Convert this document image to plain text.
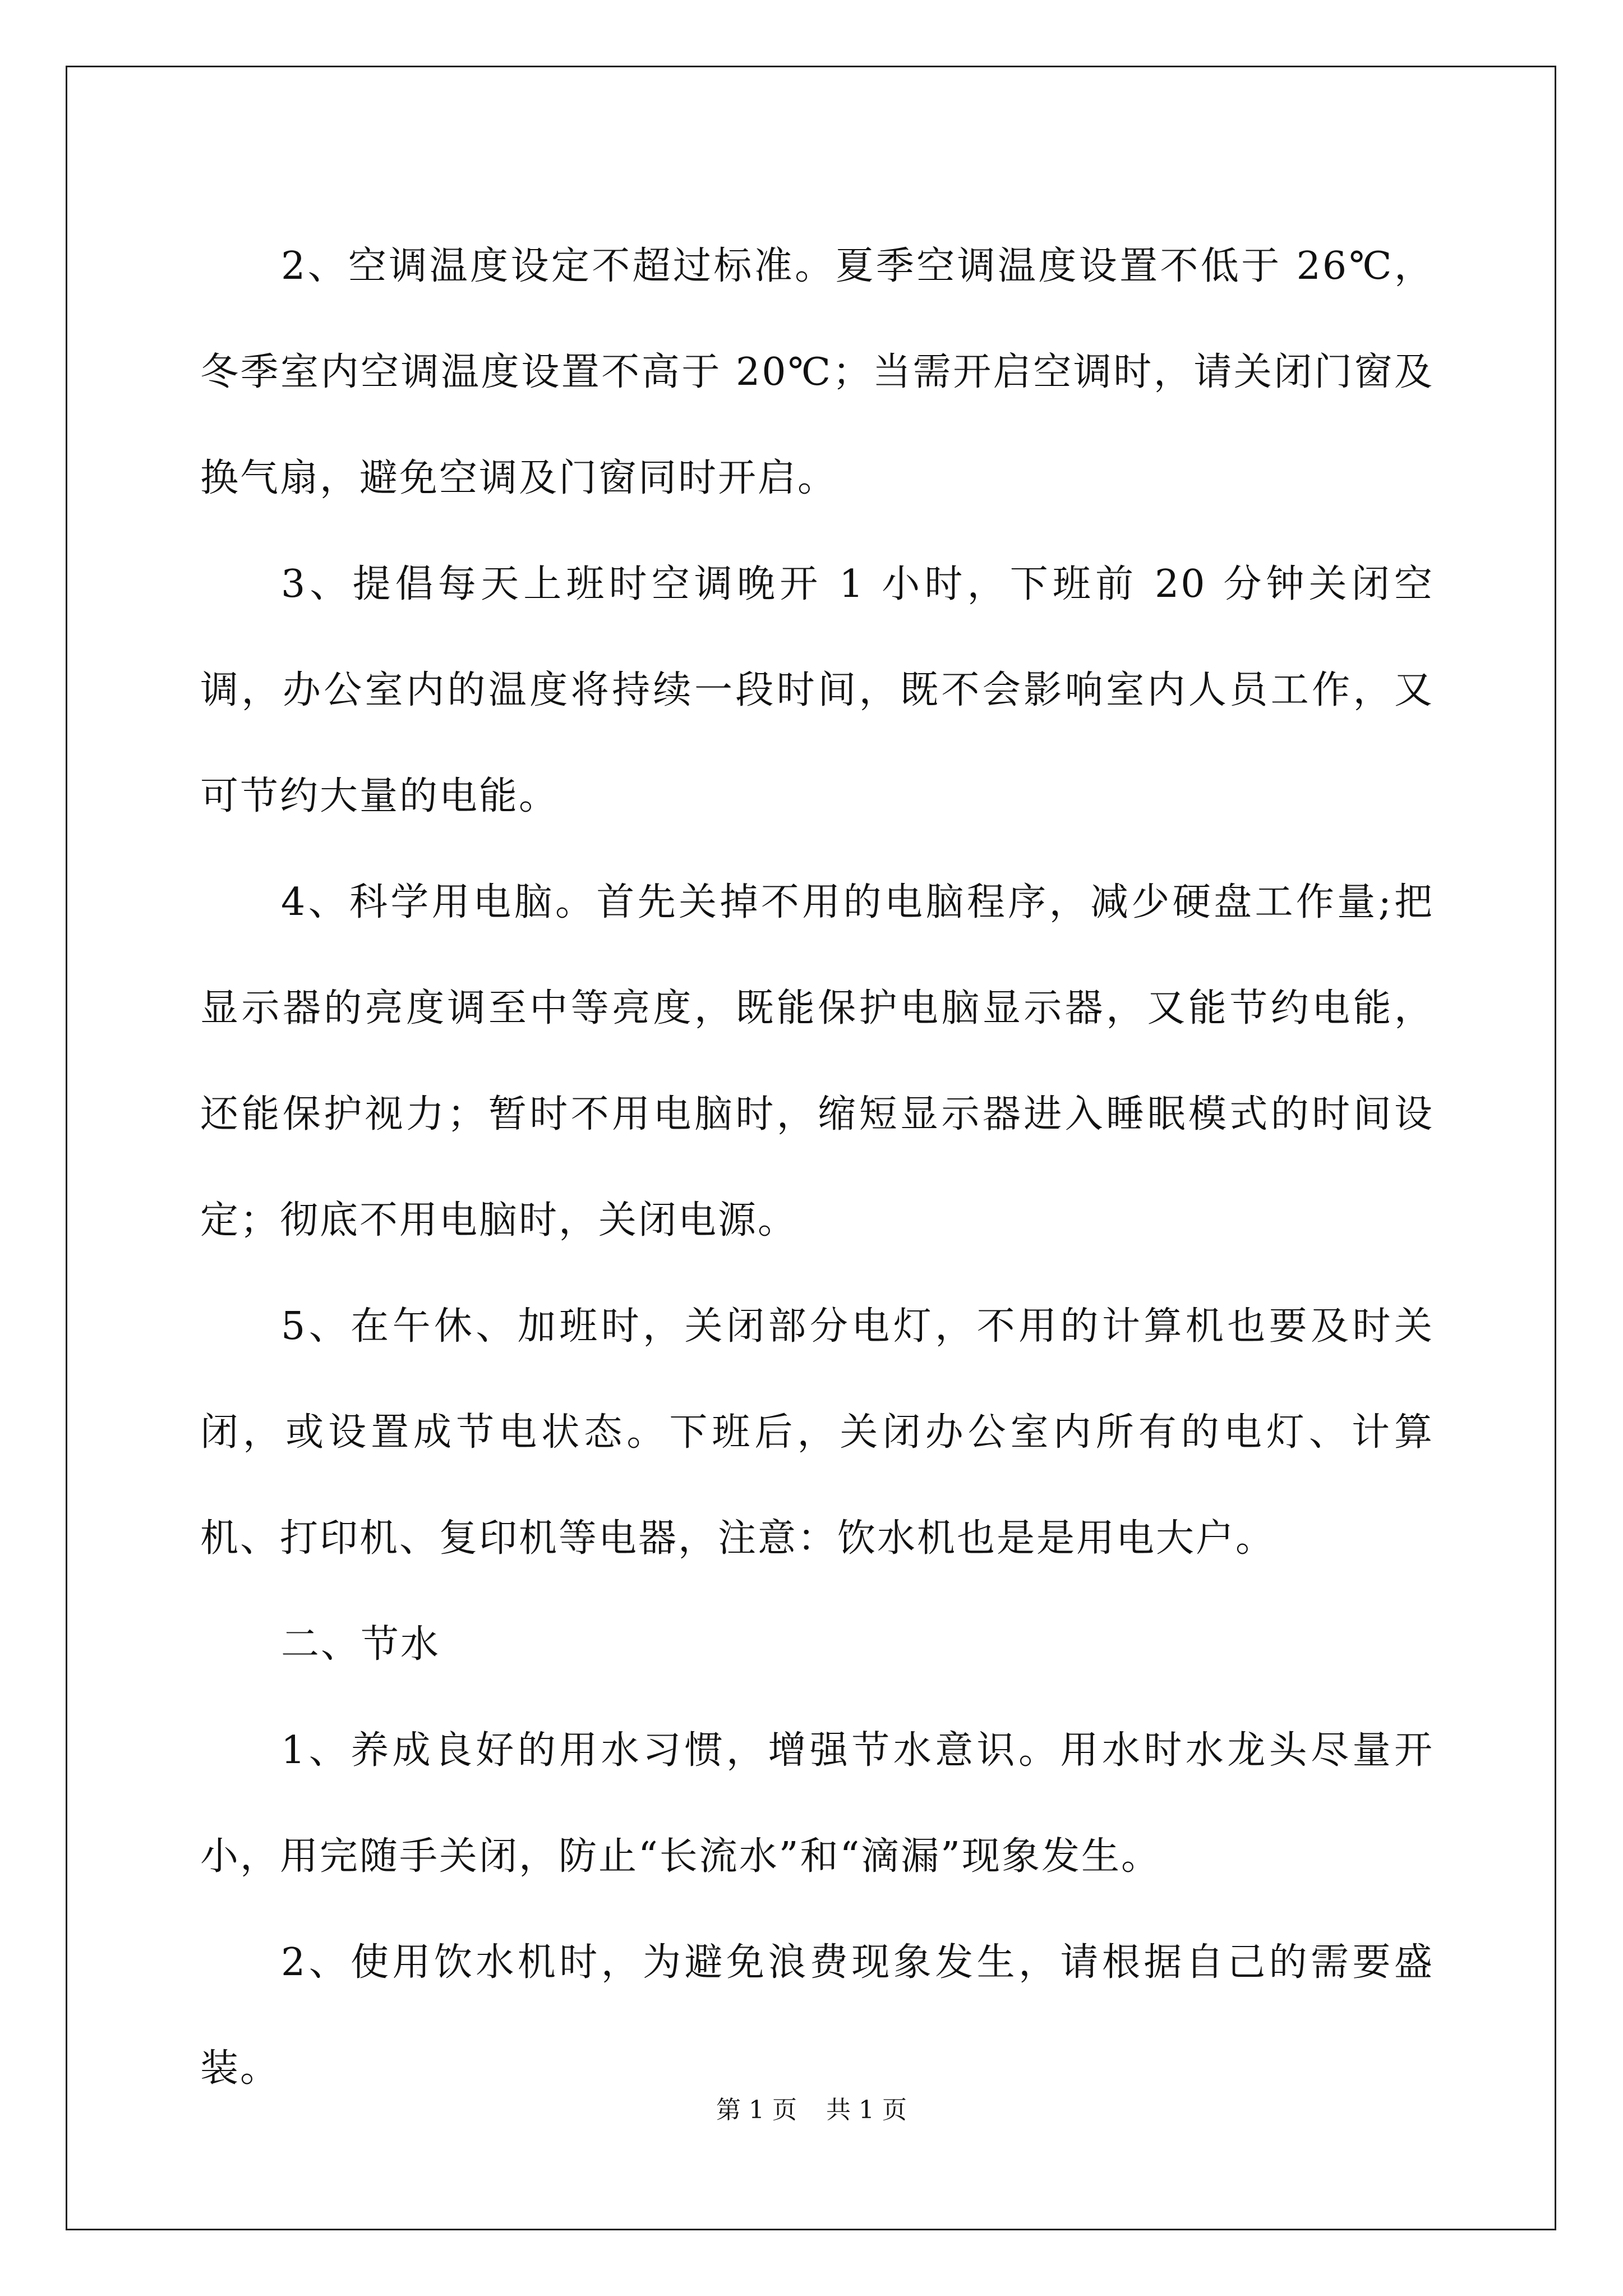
2、空调温度设定不超过标准。夏季空调温度设置不低于 26℃，冬季室内空调温度设置不高于 20℃；当需开启空调时，请关闭门窗及换气扇，避免空调及门窗同时开启。

3、提倡每天上班时空调晚开 1 小时，下班前 20 分钟关闭空调，办公室内的温度将持续一段时间，既不会影响室内人员工作，又可节约大量的电能。

4、科学用电脑。首先关掉不用的电脑程序，减少硬盘工作量;把显示器的亮度调至中等亮度，既能保护电脑显示器，又能节约电能，还能保护视力；暂时不用电脑时，缩短显示器进入睡眠模式的时间设定；彻底不用电脑时，关闭电源。

5、在午休、加班时，关闭部分电灯，不用的计算机也要及时关闭，或设置成节电状态。下班后，关闭办公室内所有的电灯、计算机、打印机、复印机等电器，注意：饮水机也是是用电大户。

二、节水

1、养成良好的用水习惯，增强节水意识。用水时水龙头尽量开小，用完随手关闭，防止“长流水”和“滴漏”现象发生。

2、使用饮水机时，为避免浪费现象发生，请根据自己的需要盛装。

第 1 页 共 1 页
